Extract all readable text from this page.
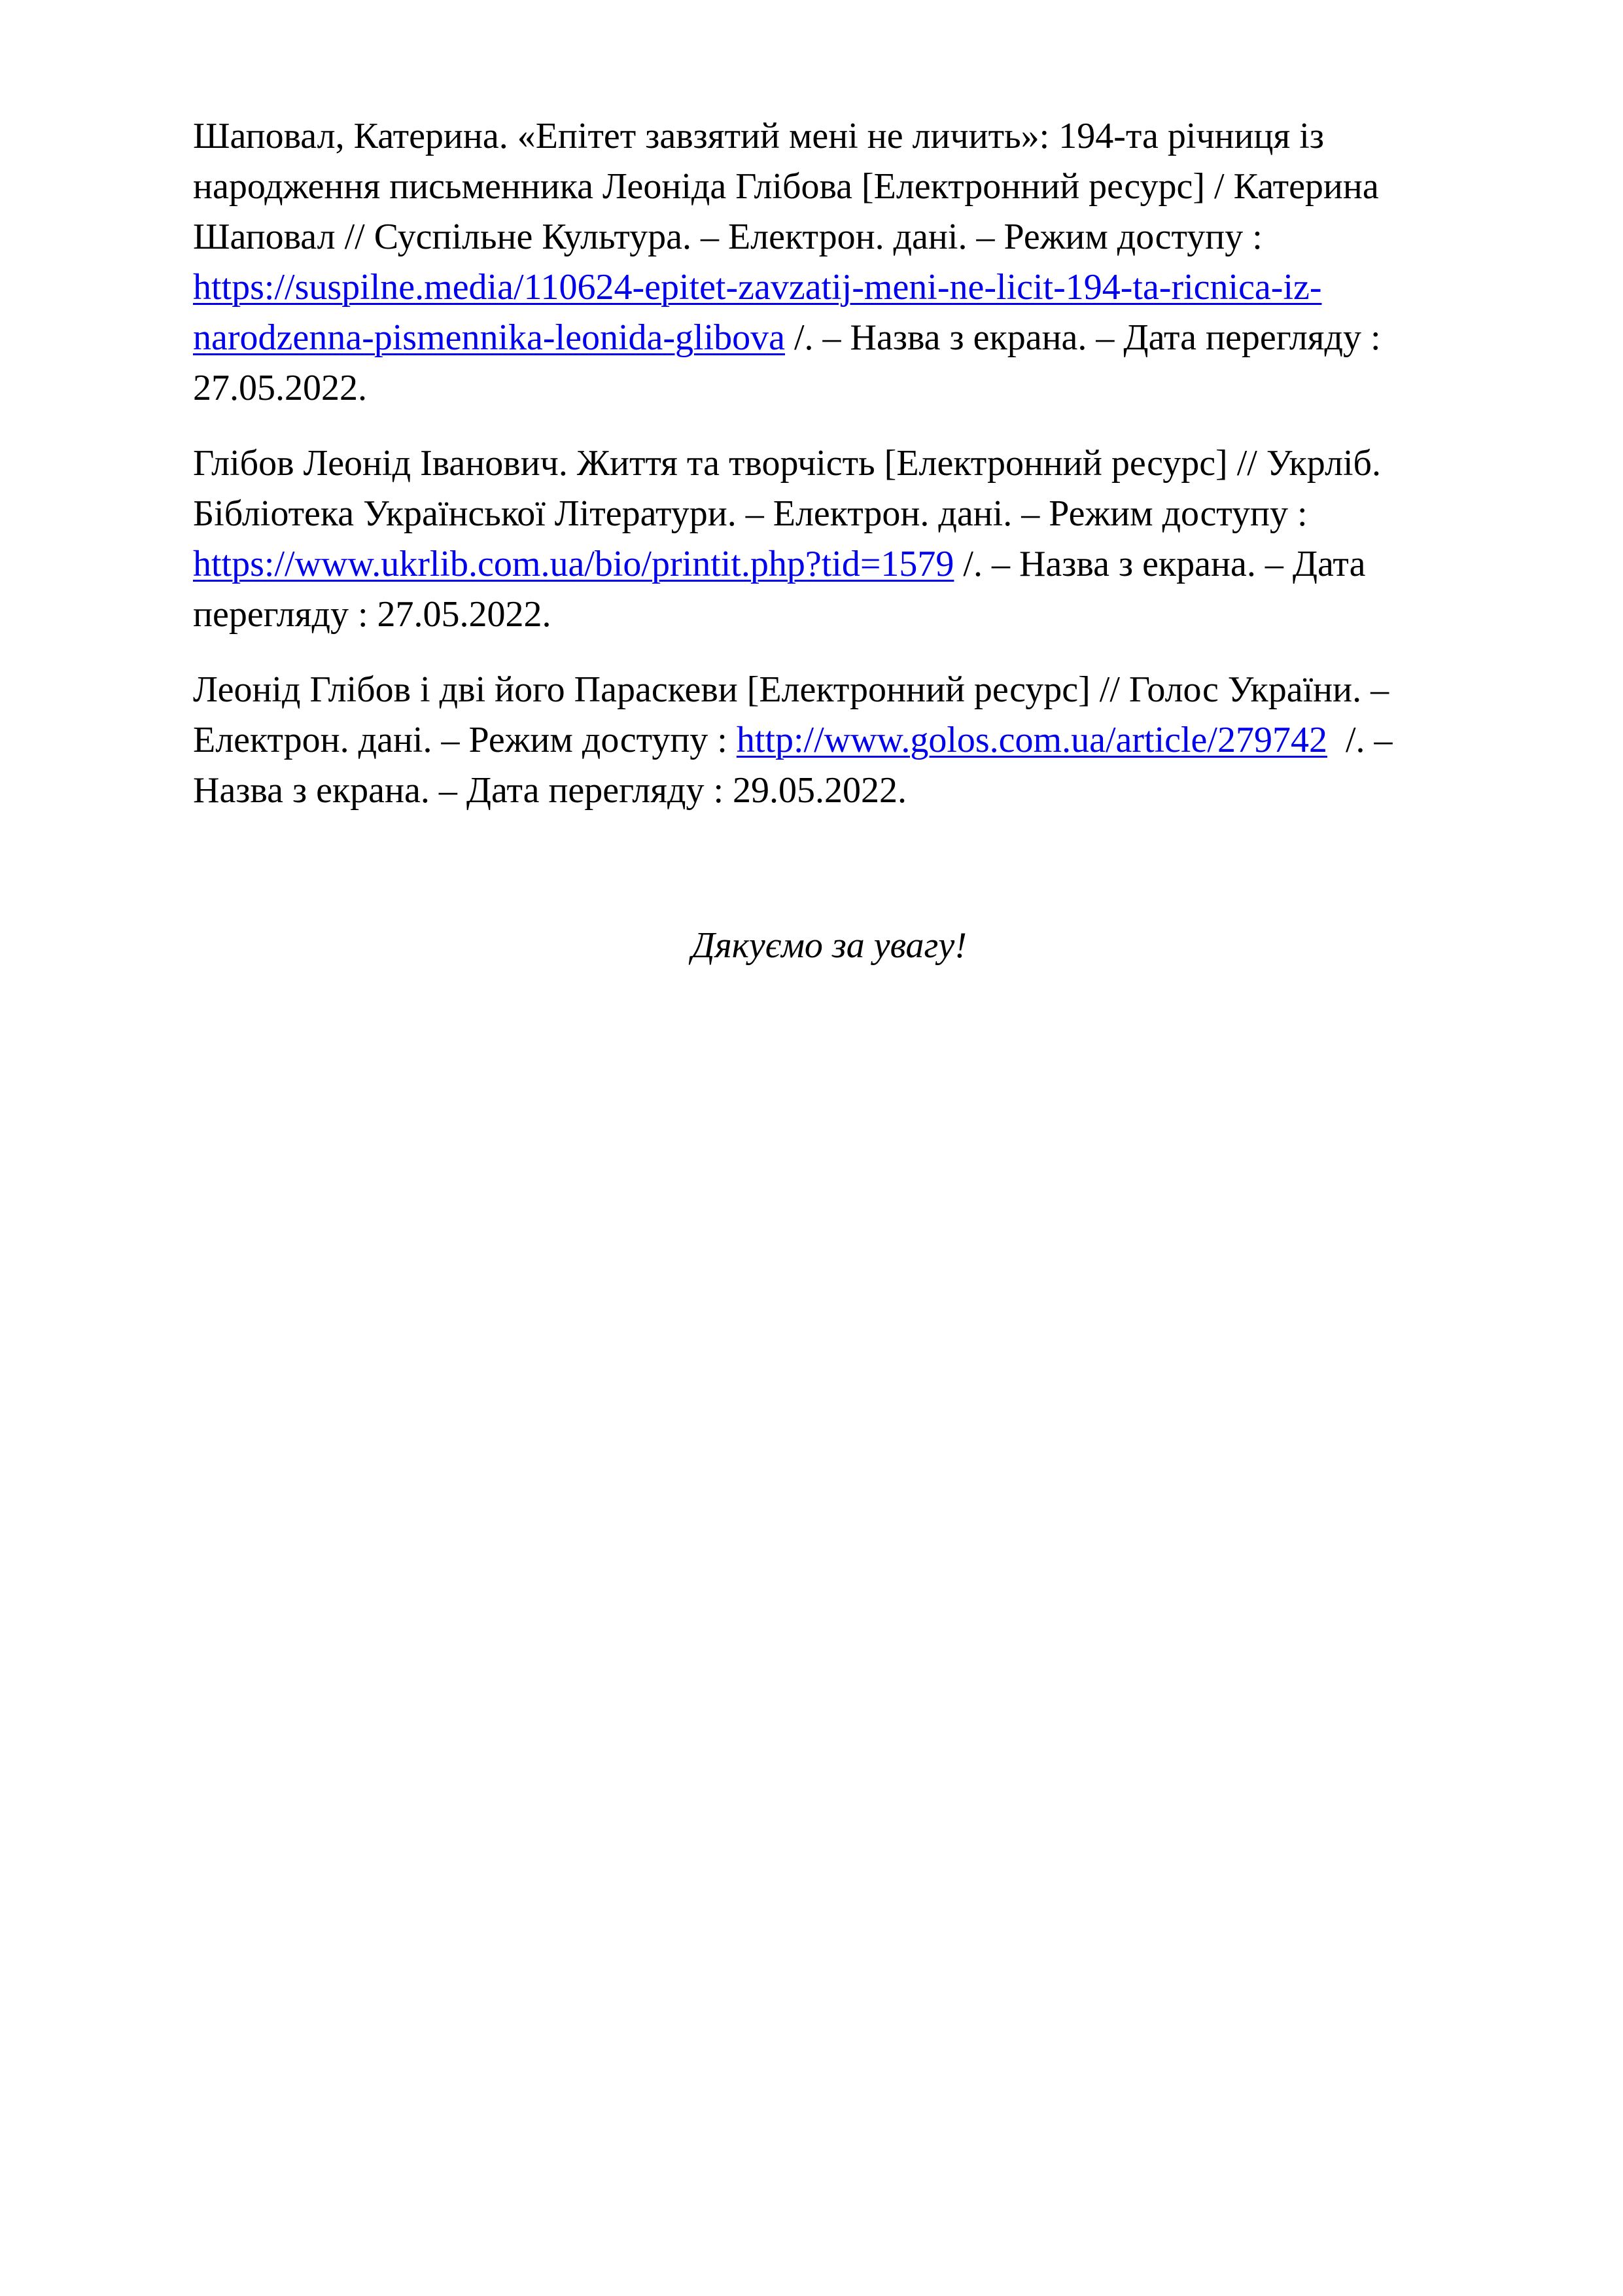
Шаповал, Катерина. «Епітет завзятий мені не личить»: 194-та річниця із народження письменника Леоніда Глібова [Електронний ресурс] / Катерина Шаповал // Суспільне Культура. – Електрон. дані. – Режим доступу : https://suspilne.media/110624-epitet-zavzatij-meni-ne-licit-194-ta-ricnica-iz-narodzenna-pismennika-leonida-glibova /. – Назва з екрана. – Дата перегляду : 27.05.2022.

Глібов Леонід Іванович. Життя та творчість [Електронний ресурс] // Укрліб. Бібліотека Української Літератури. – Електрон. дані. – Режим доступу : https://www.ukrlib.com.ua/bio/printit.php?tid=1579 /. – Назва з екрана. – Дата перегляду : 27.05.2022.

Леонід Глібов і дві його Параскеви [Електронний ресурс] // Голос України. – Електрон. дані. – Режим доступу : http://www.golos.com.ua/article/279742  /. – Назва з екрана. – Дата перегляду : 29.05.2022.

Дякуємо за увагу!
